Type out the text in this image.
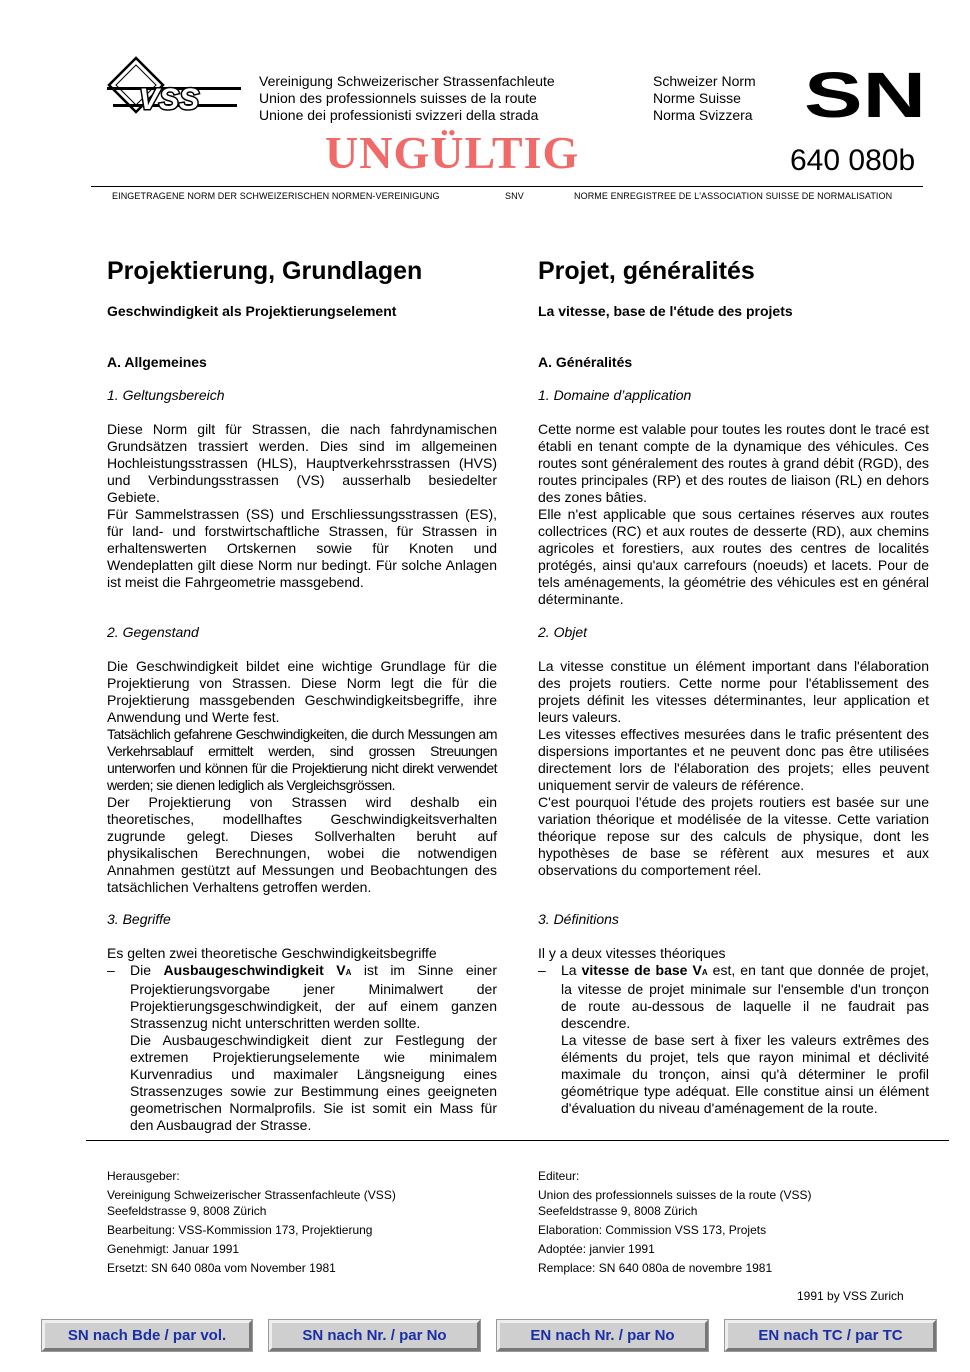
VSS
Vereinigung Schweizerischer Strassenfachleute
Union des professionnels suisses de la route
Unione dei professionisti svizzeri della strada
Schweizer Norm
Norme Suisse
Norma Svizzera SN
UNGÜLTIG	640 080b
EINGETRAGENE NORM DER SCHWEIZERISCHEN NORMEN-VEREINIGUNG	SNV	NORME ENREGISTREE DE L'ASSOCIATION SUISSE DE NORMALISATION
Projektierung, Grundlagen
Geschwindigkeit als Projektierungselement
A. Allgemeines
1. Geltungsbereich

Diese Norm gilt für Strassen, die nach fahrdynamischen Grundsätzen trassiert werden. Dies sind im allgemeinen Hochleistungsstrassen (HLS), Hauptverkehrsstrassen (HVS) und Verbindungsstrassen (VS) ausserhalb besiedelter Gebiete.

Für Sammelstrassen (SS) und Erschliessungsstrassen (ES), für land- und forstwirtschaftliche Strassen, für Strassen in erhaltenswerten Ortskernen sowie für Knoten und Wendeplatten gilt diese Norm nur bedingt. Für solche Anlagen ist meist die Fahrgeometrie massgebend.

2. Gegenstand

Die Geschwindigkeit bildet eine wichtige Grundlage für die Projektierung von Strassen. Diese Norm legt die für die Projektierung massgebenden Geschwindigkeitsbegriffe, ihre Anwendung und Werte fest.

Tatsächlich gefahrene Geschwindigkeiten, die durch Messungen am Verkehrsablauf ermittelt werden, sind grossen Streuungen unterworfen und können für die Projektierung nicht direkt verwendet werden; sie dienen lediglich als Vergleichsgrössen.

Der Projektierung von Strassen wird deshalb ein theoretisches, modellhaftes Geschwindigkeitsverhalten zugrunde gelegt. Dieses Sollverhalten beruht auf physikalischen Berechnungen, wobei die notwendigen Annahmen gestützt auf Messungen und Beobachtungen des tatsächlichen Verhaltens getroffen werden.

3. Begriffe

Es gelten zwei theoretische Geschwindigkeitsbegriffe

– Die Ausbaugeschwindigkeit VA ist im Sinne einer Projektierungsvorgabe jener Minimalwert der Projektierungsgeschwindigkeit, der auf einem ganzen Strassenzug nicht unterschritten werden sollte.

Die Ausbaugeschwindigkeit dient zur Festlegung der extremen Projektierungselemente wie minimalem Kurvenradius und maximaler Längsneigung eines Strassenzuges sowie zur Bestimmung eines geeigneten geometrischen Normalprofils. Sie ist somit ein Mass für den Ausbaugrad der Strasse.

Projet, généralités
La vitesse, base de l'étude des projets
A. Généralités
1. Domaine d’application

Cette norme est valable pour toutes les routes dont le tracé est établi en tenant compte de la dynamique des véhicules. Ces routes sont généralement des routes à grand débit (RGD), des routes principales (RP) et des routes de liaison (RL) en dehors des zones bâties.

Elle n'est applicable que sous certaines réserves aux routes collectrices (RC) et aux routes de desserte (RD), aux chemins agricoles et forestiers, aux routes des centres de localités protégés, ainsi qu'aux carrefours (noeuds) et lacets. Pour de tels aménagements, la géométrie des véhicules est en général déterminante.

2. Objet

La vitesse constitue un élément important dans l'élaboration des projets routiers. Cette norme pour l'établissement des projets définit les vitesses déterminantes, leur application et leurs valeurs.

Les vitesses effectives mesurées dans le trafic présentent des dispersions importantes et ne peuvent donc pas être utilisées directement lors de l'élaboration des projets; elles peuvent uniquement servir de valeurs de référence.

C'est pourquoi l'étude des projets routiers est basée sur une variation théorique et modélisée de la vitesse. Cette variation théorique repose sur des calculs de physique, dont les hypothèses de base se réfèrent aux mesures et aux observations du comportement réel.

3. Définitions

Il y a deux vitesses théoriques

– La vitesse de base VA est, en tant que donnée de projet, la vitesse de projet minimale sur l'ensemble d'un tronçon de route au-dessous de laquelle il ne faudrait pas descendre.

La vitesse de base sert à fixer les valeurs extrêmes des éléments du projet, tels que rayon minimal et déclivité maximale du tronçon, ainsi qu'à déterminer le profil géométrique type adéquat. Elle constitue ainsi un élément d'évaluation du niveau d'aménagement de la route.

Herausgeber:
Vereinigung Schweizerischer Strassenfachleute (VSS)
Seefeldstrasse 9, 8008 Zürich
Bearbeitung: VSS-Kommission 173, Projektierung
Genehmigt: Januar 1991
Ersetzt: SN 640 080a vom November 1981
Editeur:
Union des professionnels suisses de la route (VSS)
Seefeldstrasse 9, 8008 Zürich
Elaboration: Commission VSS 173, Projets
Adoptée: janvier 1991
Remplace: SN 640 080a de novembre 1981
1991 by VSS Zurich
SN nach Bde / par vol.	SN nach Nr. / par No	EN nach Nr. / par No	EN nach TC / par TC
